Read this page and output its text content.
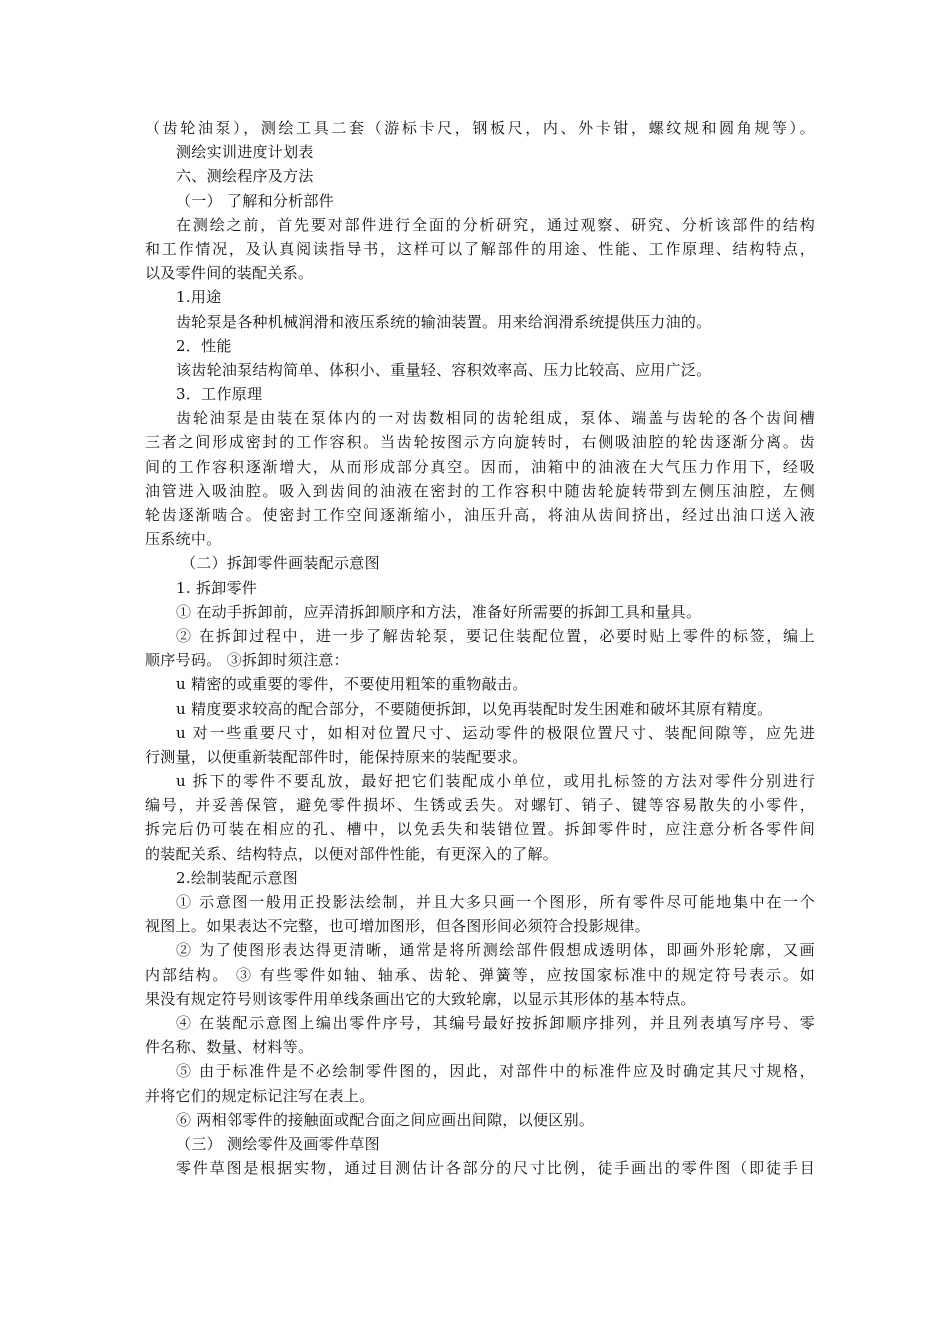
（齿轮油泵），测绘工具二套（游标卡尺，钢板尺，内、外卡钳，螺纹规和圆角规等）。
测绘实训进度计划表
六、测绘程序及方法
（一） 了解和分析部件
在测绘之前，首先要对部件进行全面的分析研究，通过观察、研究、分析该部件的结构
和工作情况，及认真阅读指导书，这样可以了解部件的用途、性能、工作原理、结构特点，
以及零件间的装配关系。
1.用途
齿轮泵是各种机械润滑和液压系统的输油装置。用来给润滑系统提供压力油的。
2．性能
该齿轮油泵结构简单、体积小、重量轻、容积效率高、压力比较高、应用广泛。
3．工作原理
齿轮油泵是由装在泵体内的一对齿数相同的齿轮组成，泵体、端盖与齿轮的各个齿间槽
三者之间形成密封的工作容积。当齿轮按图示方向旋转时，右侧吸油腔的轮齿逐渐分离。齿
间的工作容积逐渐增大，从而形成部分真空。因而，油箱中的油液在大气压力作用下，经吸
油管进入吸油腔。吸入到齿间的油液在密封的工作容积中随齿轮旋转带到左侧压油腔，左侧
轮齿逐渐啮合。使密封工作空间逐渐缩小，油压升高，将油从齿间挤出，经过出油口送入液
压系统中。
（二）拆卸零件画装配示意图
1. 拆卸零件
① 在动手拆卸前，应弄清拆卸顺序和方法，准备好所需要的拆卸工具和量具。
② 在拆卸过程中，进一步了解齿轮泵，要记住装配位置，必要时贴上零件的标签，编上
顺序号码。 ③拆卸时须注意：
u 精密的或重要的零件，不要使用粗笨的重物敲击。
u 精度要求较高的配合部分，不要随便拆卸，以免再装配时发生困难和破坏其原有精度。
u 对一些重要尺寸，如相对位置尺寸、运动零件的极限位置尺寸、装配间隙等，应先进
行测量，以便重新装配部件时，能保持原来的装配要求。
u 拆下的零件不要乱放，最好把它们装配成小单位，或用扎标签的方法对零件分别进行
编号，并妥善保管，避免零件损坏、生锈或丢失。对螺钉、销子、键等容易散失的小零件，
拆完后仍可装在相应的孔、槽中，以免丢失和装错位置。拆卸零件时，应注意分析各零件间
的装配关系、结构特点，以便对部件性能，有更深入的了解。
2.绘制装配示意图
① 示意图一般用正投影法绘制，并且大多只画一个图形，所有零件尽可能地集中在一个
视图上。如果表达不完整，也可增加图形，但各图形间必须符合投影规律。
② 为了使图形表达得更清晰，通常是将所测绘部件假想成透明体，即画外形轮廓，又画
内部结构。 ③ 有些零件如轴、轴承、齿轮、弹簧等，应按国家标准中的规定符号表示。如
果没有规定符号则该零件用单线条画出它的大致轮廓，以显示其形体的基本特点。
④ 在装配示意图上编出零件序号，其编号最好按拆卸顺序排列，并且列表填写序号、零
件名称、数量、材料等。
⑤ 由于标准件是不必绘制零件图的，因此，对部件中的标准件应及时确定其尺寸规格，
并将它们的规定标记注写在表上。
⑥ 两相邻零件的接触面或配合面之间应画出间隙，以便区别。
（三） 测绘零件及画零件草图
零件草图是根据实物，通过目测估计各部分的尺寸比例，徒手画出的零件图（即徒手目
